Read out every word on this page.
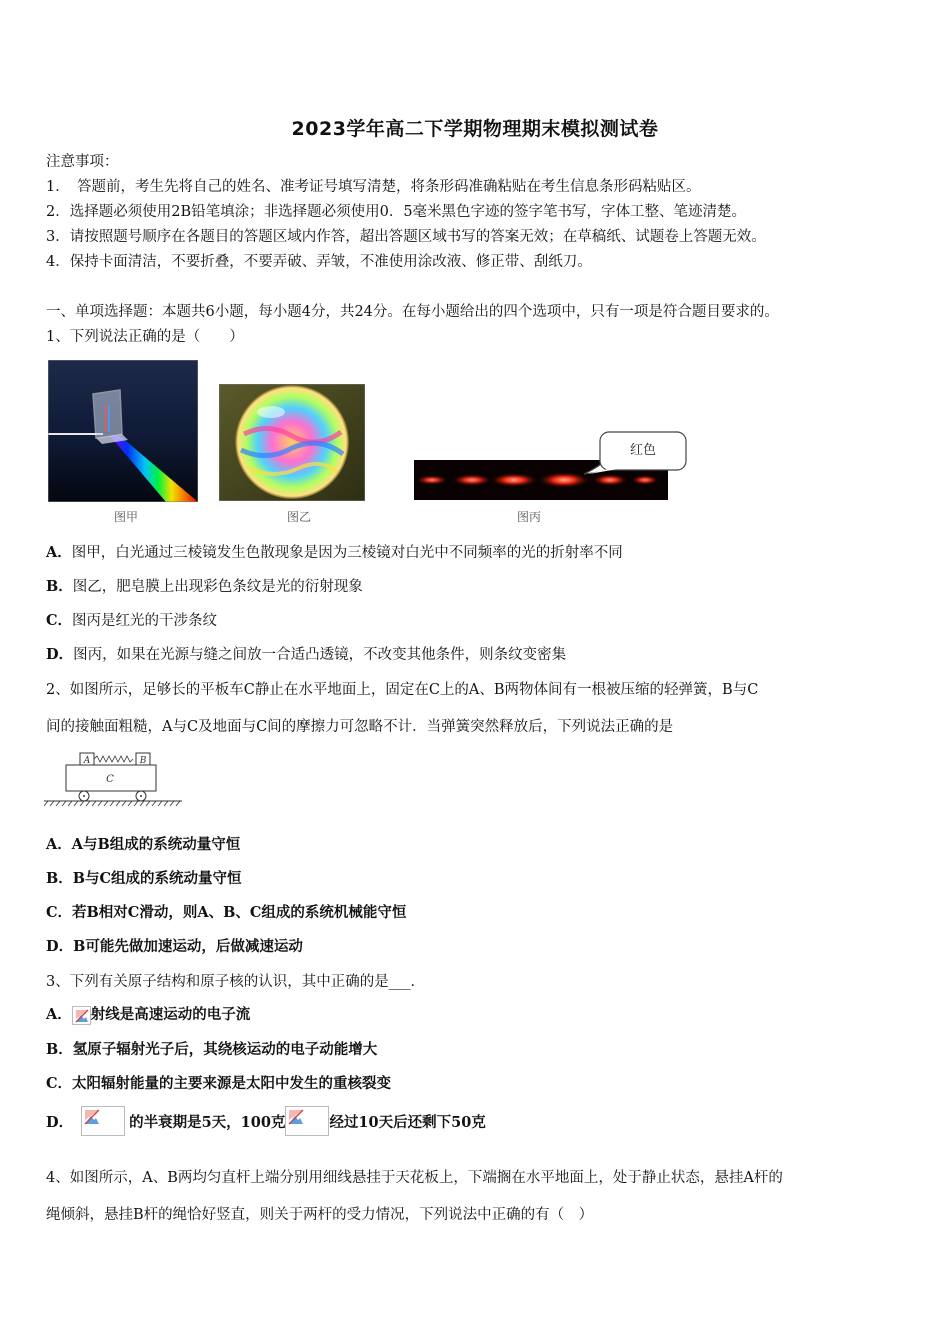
2023学年高二下学期物理期末模拟测试卷
注意事项：
1．　答题前，考生先将自己的姓名、准考证号填写清楚，将条形码准确粘贴在考生信息条形码粘贴区。
2．选择题必须使用2B铅笔填涂；非选择题必须使用0．5毫米黑色字迹的签字笔书写，字体工整、笔迹清楚。
3．请按照题号顺序在各题目的答题区域内作答，超出答题区域书写的答案无效；在草稿纸、试题卷上答题无效。
4．保持卡面清洁，不要折叠，不要弄破、弄皱，不准使用涂改液、修正带、刮纸刀。
一、单项选择题：本题共6小题，每小题4分，共24分。在每小题给出的四个选项中，只有一项是符合题目要求的。
1、下列说法正确的是（　　）
图甲	图乙
红色
图丙
A．图甲，白光通过三棱镜发生色散现象是因为三棱镜对白光中不同频率的光的折射率不同
B．图乙，肥皂膜上出现彩色条纹是光的衍射现象
C．图丙是红光的干涉条纹
D．图丙，如果在光源与缝之间放一合适凸透镜，不改变其他条件，则条纹变密集
2、如图所示，足够长的平板车C静止在水平地面上，固定在C上的A、B两物体间有一根被压缩的轻弹簧，B与C
间的接触面粗糙，A与C及地面与C间的摩擦力可忽略不计．当弹簧突然释放后，下列说法正确的是
A	B
C
A．A与B组成的系统动量守恒
B．B与C组成的系统动量守恒
C．若B相对C滑动，则A、B、C组成的系统机械能守恒
D．B可能先做加速运动，后做减速运动
3、下列有关原子结构和原子核的认识，其中正确的是___．
A． 射线是高速运动的电子流
B．氢原子辐射光子后，其绕核运动的电子动能增大
C．太阳辐射能量的主要来源是太阳中发生的重核裂变
D．	的半衰期是5天，100克	经过10天后还剩下50克
4、如图所示，A、B两均匀直杆上端分别用细线悬挂于天花板上，下端搁在水平地面上，处于静止状态，悬挂A杆的
绳倾斜，悬挂B杆的绳恰好竖直，则关于两杆的受力情况，下列说法中正确的有（　）
